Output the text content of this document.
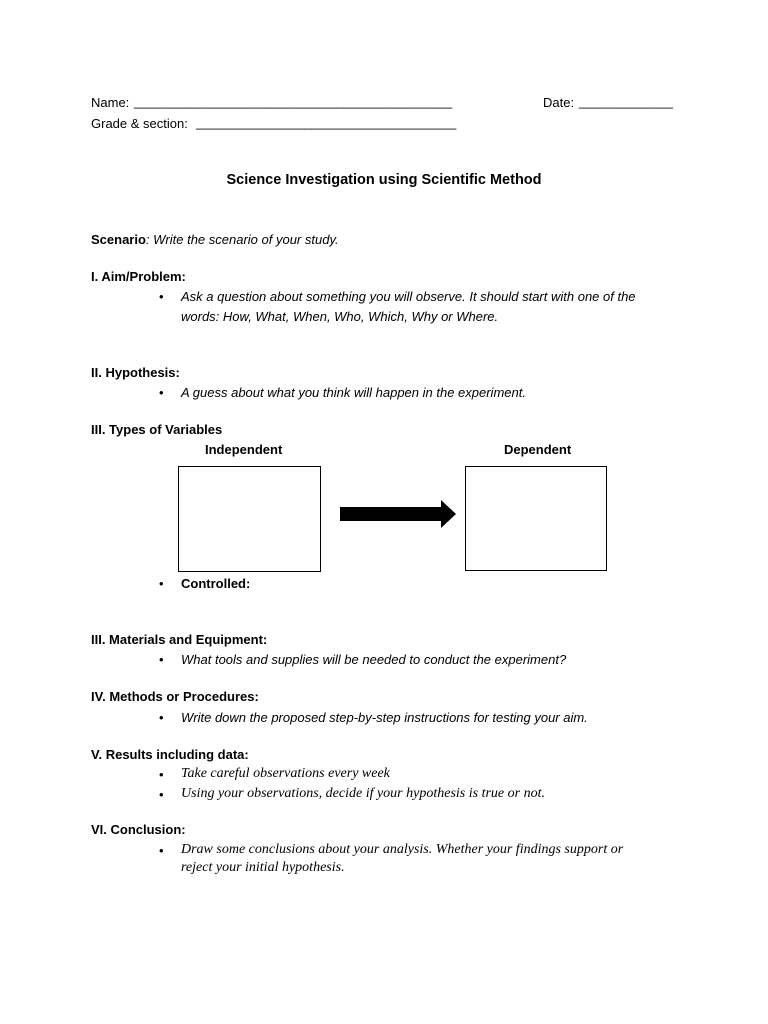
Name: ____________________________________________	Date: _____________
Grade & section: ____________________________________
Science Investigation using Scientific Method
Scenario: Write the scenario of your study.
I. Aim/Problem:
• Ask a question about something you will observe. It should start with one of the
words: How, What, When, Who, Which, Why or Where.
II. Hypothesis:
• A guess about what you think will happen in the experiment.
III. Types of Variables
Independent	Dependent
• Controlled:
III. Materials and Equipment:
• What tools and supplies will be needed to conduct the experiment?
IV. Methods or Procedures:
• Write down the proposed step-by-step instructions for testing your aim.
V. Results including data:
• Take careful observations every week
• Using your observations, decide if your hypothesis is true or not.
VI. Conclusion:
• Draw some conclusions about your analysis. Whether your findings support or
reject your initial hypothesis.
